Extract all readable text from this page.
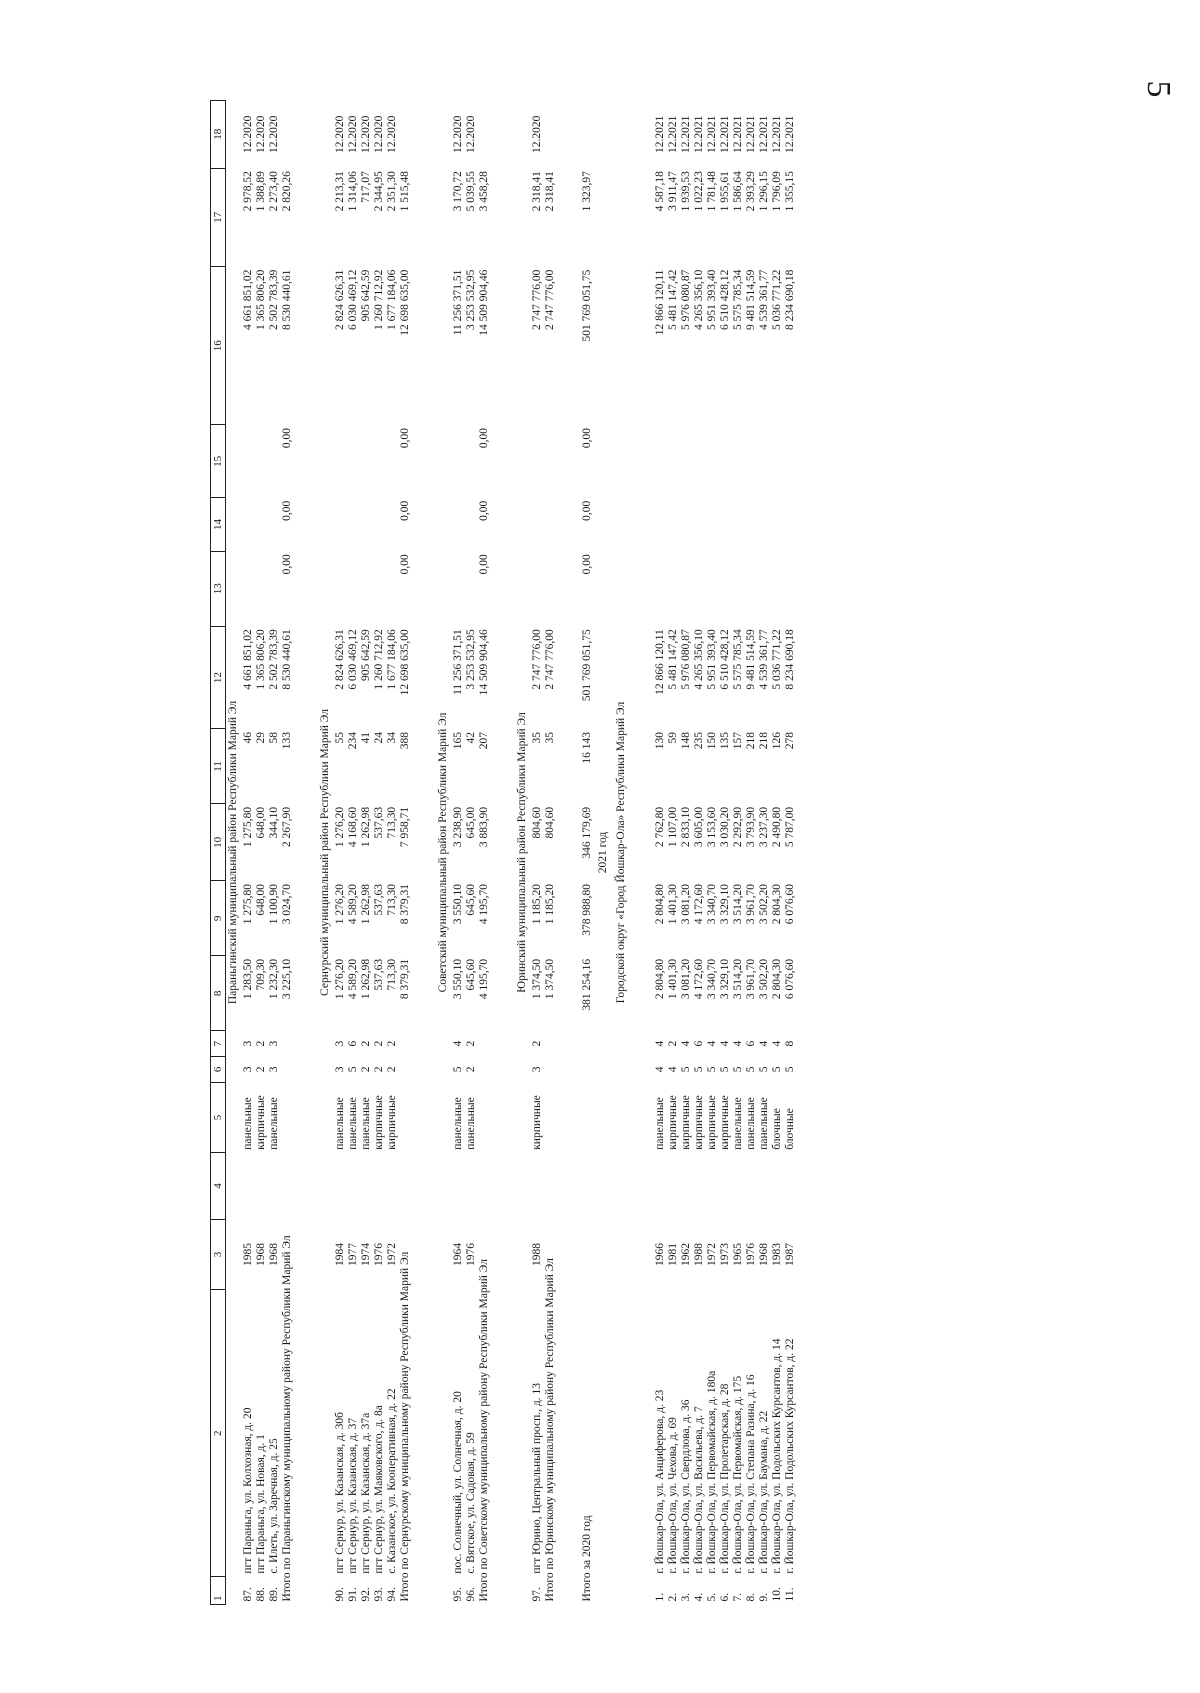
5
1	2	3	4	5	6	7	8	9	10	11	12	13	14	15	16	17	18
Параньгинский муниципальный район Республики Марий Эл																	
87.	пгт Параньга, ул. Колхозная, д. 20	1985		панельные	3	3	1 283,50	1 275,80	1 275,80	46	4 661 851,02				4 661 851,02	2 978,52	12.2020
88.	пгт Параньга, ул. Новая, д. 1	1968		кирпичные	2	2	709,30	648,00	648,00	29	1 365 806,20				1 365 806,20	1 388,89	12.2020
89.	с. Илеть, ул. Заречная, д. 25	1968		панельные	3	3	1 232,30	1 100,90	344,10	58	2 502 783,39				2 502 783,39	2 273,40	12.2020
Итого по Параньгинскому муниципальному району Республики Марий Эл							3 225,10	3 024,70	2 267,90	133	8 530 440,61	0,00	0,00	0,00	8 530 440,61	2 820,26	

Сернурский муниципальный район Республики Марий Эл																	
90.	пгт Сернур, ул. Казанская, д. 30б	1984		панельные	3	3	1 276,20	1 276,20	1 276,20	55	2 824 626,31				2 824 626,31	2 213,31	12.2020
91.	пгт Сернур, ул. Казанская, д. 37	1977		панельные	5	6	4 589,20	4 589,20	4 168,60	234	6 030 469,12				6 030 469,12	1 314,06	12.2020
92.	пгт Сернур, ул. Казанская, д. 37а	1974		панельные	2	2	1 262,98	1 262,98	1 262,98	41	905 642,59				905 642,59	717,07	12.2020
93.	пгт Сернур, ул. Маяковского, д. 8а	1976		кирпичные	2	2	537,63	537,63	537,63	24	1 260 712,92				1 260 712,92	2 344,95	12.2020
94.	с. Казанское, ул. Кооперативная, д. 22	1972		кирпичные	2	2	713,30	713,30	713,30	34	1 677 184,06				1 677 184,06	2 351,30	12.2020
Итого по Сернурскому муниципальному району Республики Марий Эл							8 379,31	8 379,31	7 958,71	388	12 698 635,00	0,00	0,00	0,00	12 698 635,00	1 515,48	

Советский муниципальный район Республики Марий Эл																	
95.	пос. Солнечный, ул. Солнечная, д. 20	1964		панельные	5	4	3 550,10	3 550,10	3 238,90	165	11 256 371,51				11 256 371,51	3 170,72	12.2020
96.	с. Вятское, ул. Садовая, д. 59	1976		панельные	2	2	645,60	645,60	645,00	42	3 253 532,95				3 253 532,95	5 039,55	12.2020
Итого по Советскому муниципальному району Республики Марий Эл							4 195,70	4 195,70	3 883,90	207	14 509 904,46	0,00	0,00	0,00	14 509 904,46	3 458,28	

Юринский муниципальный район Республики Марий Эл																	
97.	пгт Юрино, Центральный просп., д. 13	1988		кирпичные	3	2	1 374,50	1 185,20	804,60	35	2 747 776,00				2 747 776,00	2 318,41	12.2020
Итого по Юринскому муниципальному району Республики Марий Эл							1 374,50	1 185,20	804,60	35	2 747 776,00				2 747 776,00	2 318,41	

Итого за 2020 год							381 254,16	378 988,80	346 179,69	16 143	501 769 051,75	0,00	0,00	0,00	501 769 051,75	1 323,97	
2021 год																	
Городской округ «Город Йошкар-Ола» Республики Марий Эл																	

1.	г. Йошкар-Ола, ул. Анциферова, д. 23	1966		панельные	4	4	2 804,80	2 804,80	2 762,80	130	12 866 120,11				12 866 120,11	4 587,18	12.2021
2.	г. Йошкар-Ола, ул. Чехова, д. 69	1981		кирпичные	4	2	1 401,30	1 401,30	1 107,00	59	5 481 147,42				5 481 147,42	3 911,47	12.2021
3.	г. Йошкар-Ола, ул. Свердлова, д. 36	1962		кирпичные	5	4	3 081,20	3 081,20	2 833,10	148	5 976 080,87				5 976 080,87	1 939,53	12.2021
4.	г. Йошкар-Ола, ул. Васильева, д. 7	1988		кирпичные	5	6	4 172,60	4 172,60	3 605,00	235	4 265 356,10				4 265 356,10	1 022,23	12.2021
5.	г. Йошкар-Ола, ул. Первомайская, д. 180а	1972		кирпичные	5	4	3 340,70	3 340,70	3 153,60	150	5 951 393,40				5 951 393,40	1 781,48	12.2021
6.	г. Йошкар-Ола, ул. Пролетарская, д. 28	1973		кирпичные	5	4	3 329,10	3 329,10	3 030,20	135	6 510 428,12				6 510 428,12	1 955,61	12.2021
7.	г. Йошкар-Ола, ул. Первомайская, д. 175	1965		панельные	5	4	3 514,20	3 514,20	2 292,90	157	5 575 785,34				5 575 785,34	1 586,64	12.2021
8.	г. Йошкар-Ола, ул. Степана Разина, д. 16	1976		панельные	5	6	3 961,70	3 961,70	3 793,90	218	9 481 514,59				9 481 514,59	2 393,29	12.2021
9.	г. Йошкар-Ола, ул. Баумана, д. 22	1968		панельные	5	4	3 502,20	3 502,20	3 237,30	218	4 539 361,77				4 539 361,77	1 296,15	12.2021
10.	г. Йошкар-Ола, ул. Подольских Курсантов, д. 14	1983		блочные	5	4	2 804,30	2 804,30	2 490,80	126	5 036 771,22				5 036 771,22	1 796,09	12.2021
11.	г. Йошкар-Ола, ул. Подольских Курсантов, д. 22	1987		блочные	5	8	6 076,60	6 076,60	5 787,00	278	8 234 690,18				8 234 690,18	1 355,15	12.2021
